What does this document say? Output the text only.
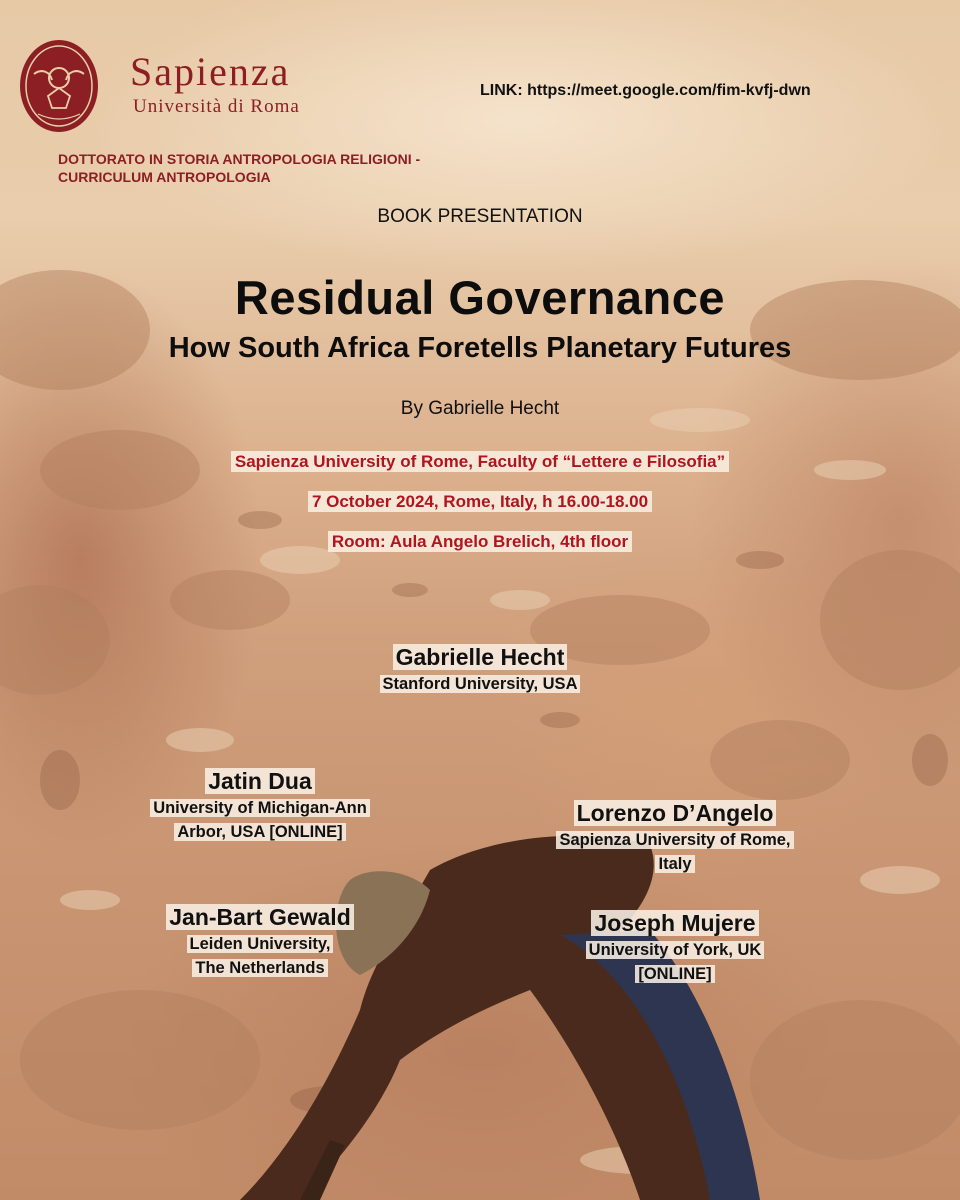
Sapienza
Università di Roma
LINK: https://meet.google.com/fim-kvfj-dwn
DOTTORATO IN STORIA ANTROPOLOGIA RELIGIONI -
CURRICULUM ANTROPOLOGIA
BOOK PRESENTATION
Residual Governance
How South Africa Foretells Planetary Futures
By Gabrielle Hecht
Sapienza University of Rome, Faculty of “Lettere e Filosofia”
7 October 2024, Rome, Italy, h 16.00-18.00
Room: Aula Angelo Brelich, 4th floor
Gabrielle Hecht
Stanford University, USA
Jatin Dua
University of Michigan-Ann
Arbor, USA [ONLINE]
Lorenzo D’Angelo
Sapienza University of Rome,
Italy
Jan-Bart Gewald
Leiden University,
The Netherlands
Joseph Mujere
University of York, UK
[ONLINE]
